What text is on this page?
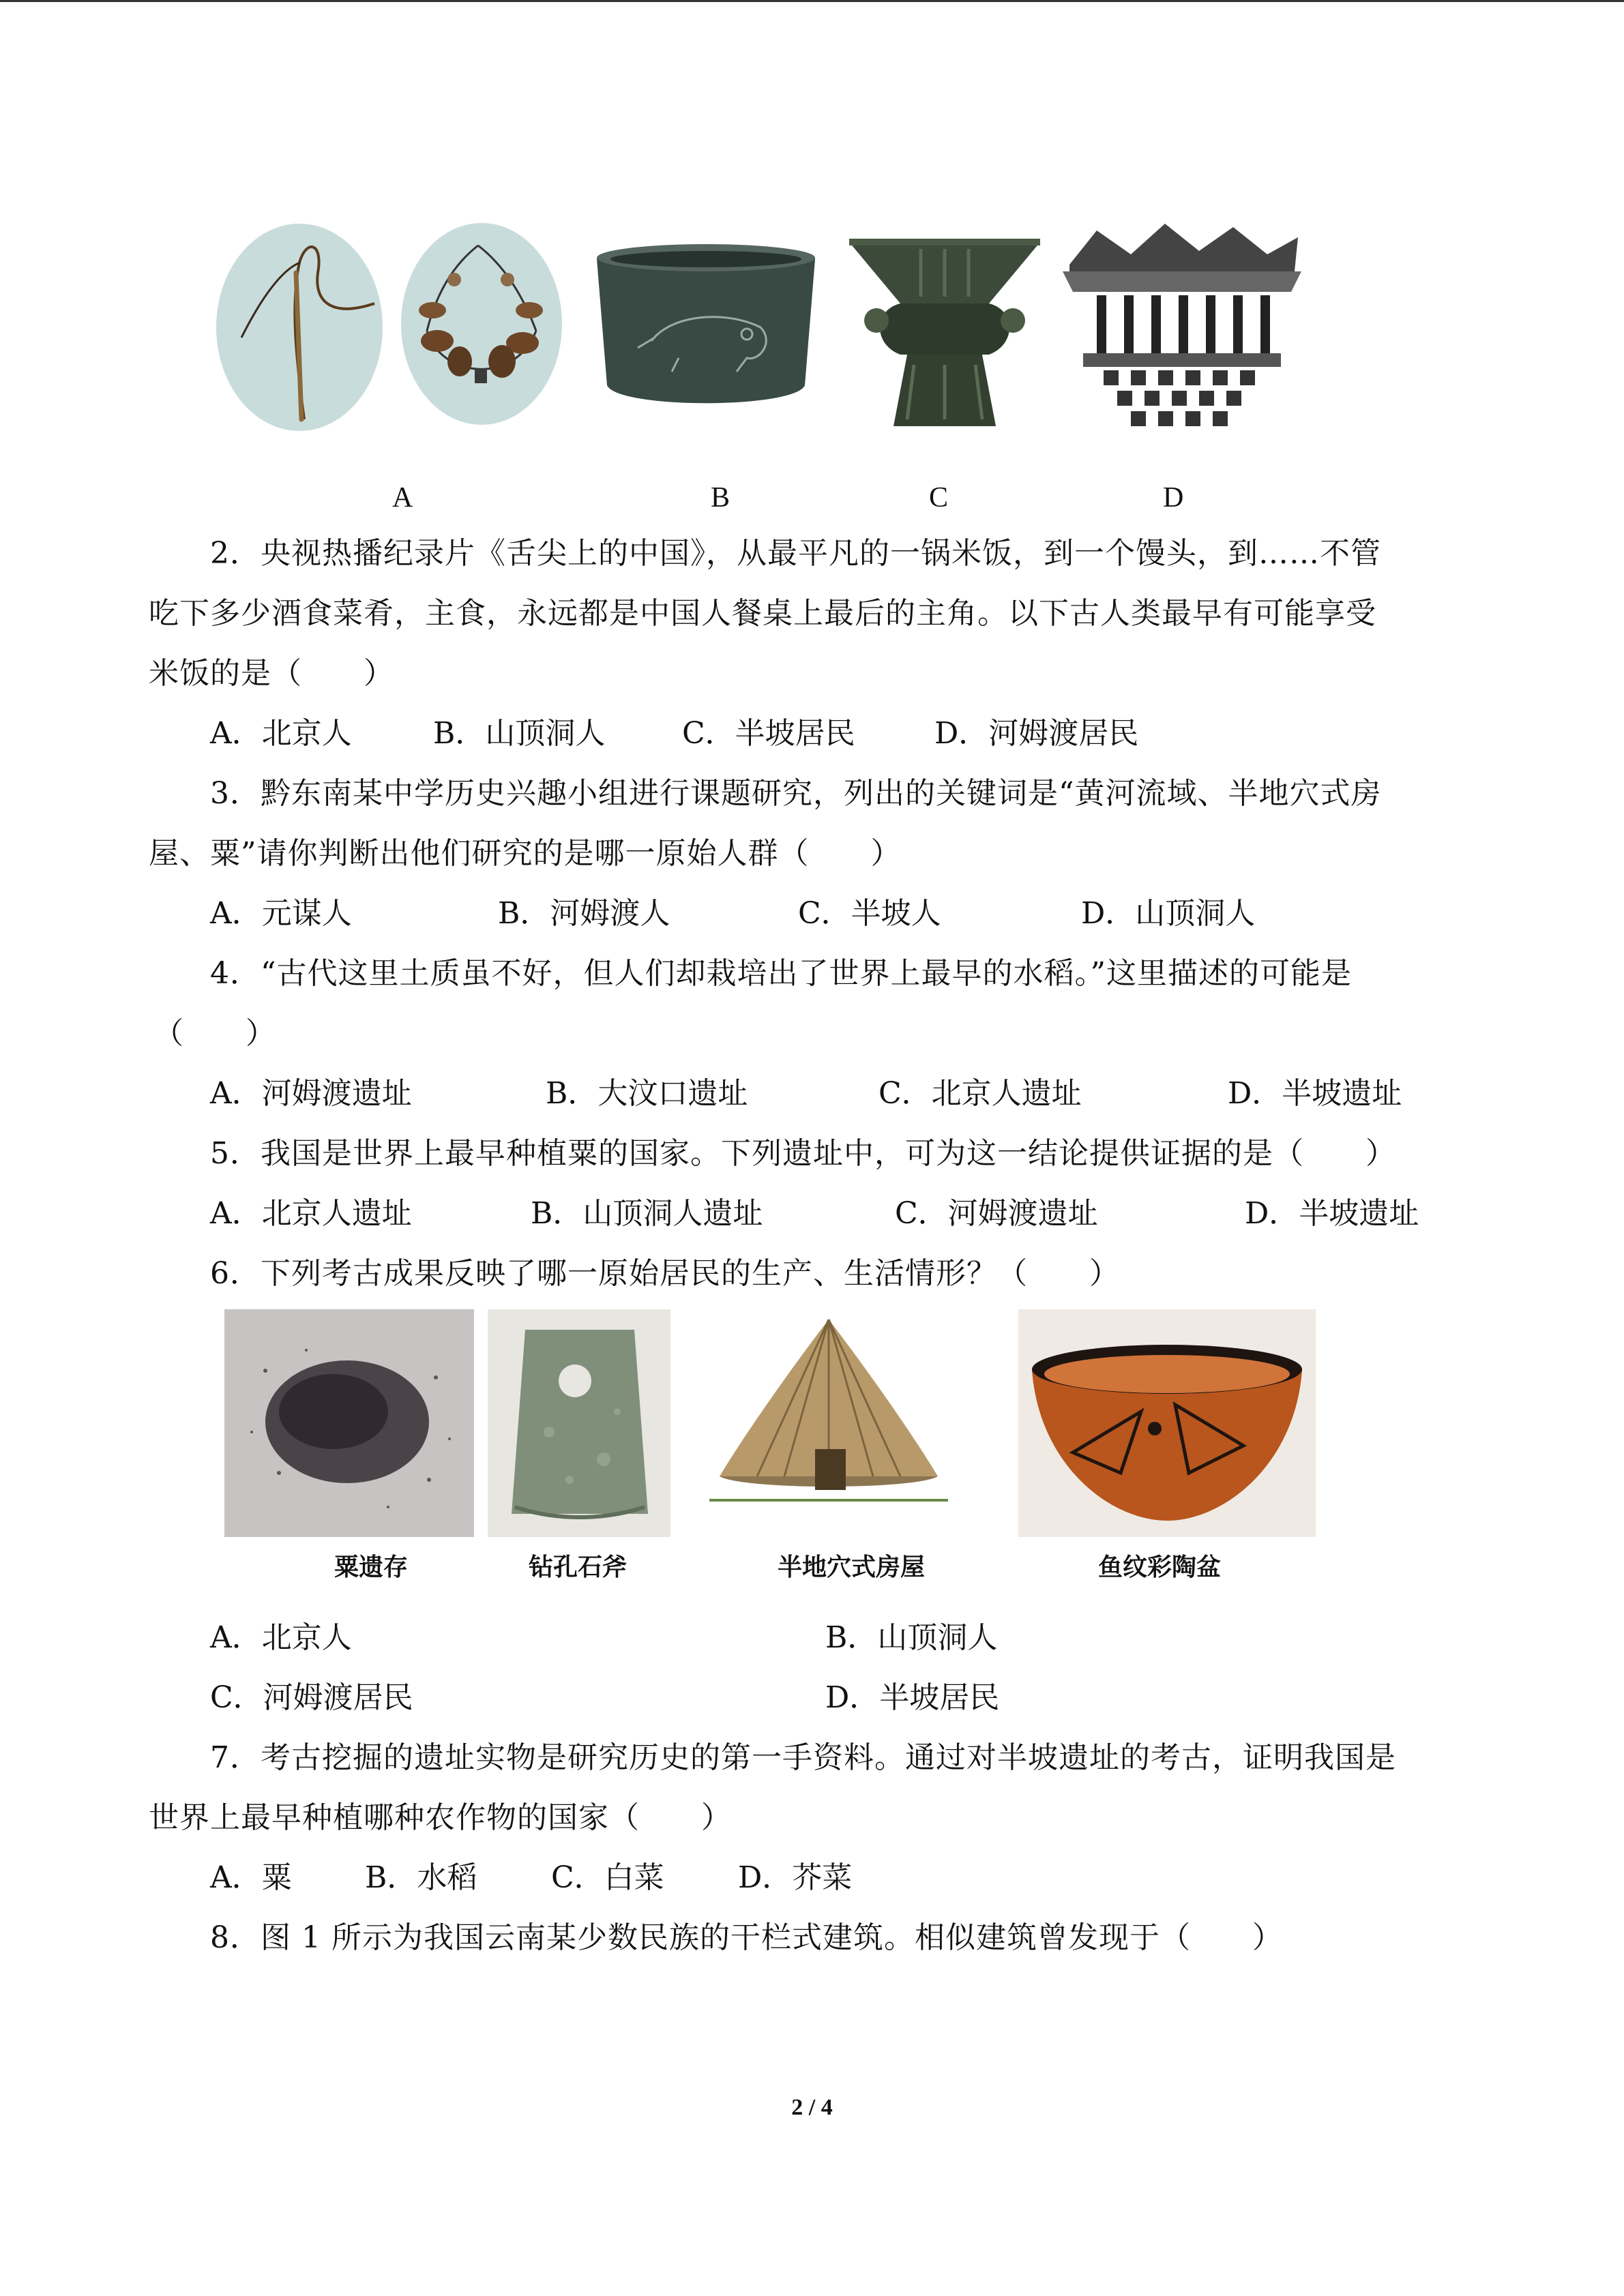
A	B	C	D
2．央视热播纪录片《舌尖上的中国》，从最平凡的一锅米饭，到一个馒头，到……不管
吃下多少酒食菜肴，主食，永远都是中国人餐桌上最后的主角。以下古人类最早有可能享受
米饭的是（　　）
A．北京人	B．山顶洞人	C．半坡居民	D．河姆渡居民
3．黔东南某中学历史兴趣小组进行课题研究，列出的关键词是“黄河流域、半地穴式房
屋、粟”请你判断出他们研究的是哪一原始人群（　　）
A．元谋人	B．河姆渡人	C．半坡人	D．山顶洞人
4．“古代这里土质虽不好，但人们却栽培出了世界上最早的水稻。”这里描述的可能是
（　　）
A．河姆渡遗址	B．大汶口遗址	C．北京人遗址	D．半坡遗址
5．我国是世界上最早种植粟的国家。下列遗址中，可为这一结论提供证据的是（　　）
A．北京人遗址	B．山顶洞人遗址	C．河姆渡遗址	D．半坡遗址
6．下列考古成果反映了哪一原始居民的生产、生活情形？（　　）
粟遗存	钻孔石斧	半地穴式房屋	鱼纹彩陶盆
A．北京人	B．山顶洞人
C．河姆渡居民	D．半坡居民
7．考古挖掘的遗址实物是研究历史的第一手资料。通过对半坡遗址的考古，证明我国是
世界上最早种植哪种农作物的国家（　　）
A．粟 B．水稻 C．白菜 D．芥菜
8．图 1 所示为我国云南某少数民族的干栏式建筑。相似建筑曾发现于（　　）
2 / 4
